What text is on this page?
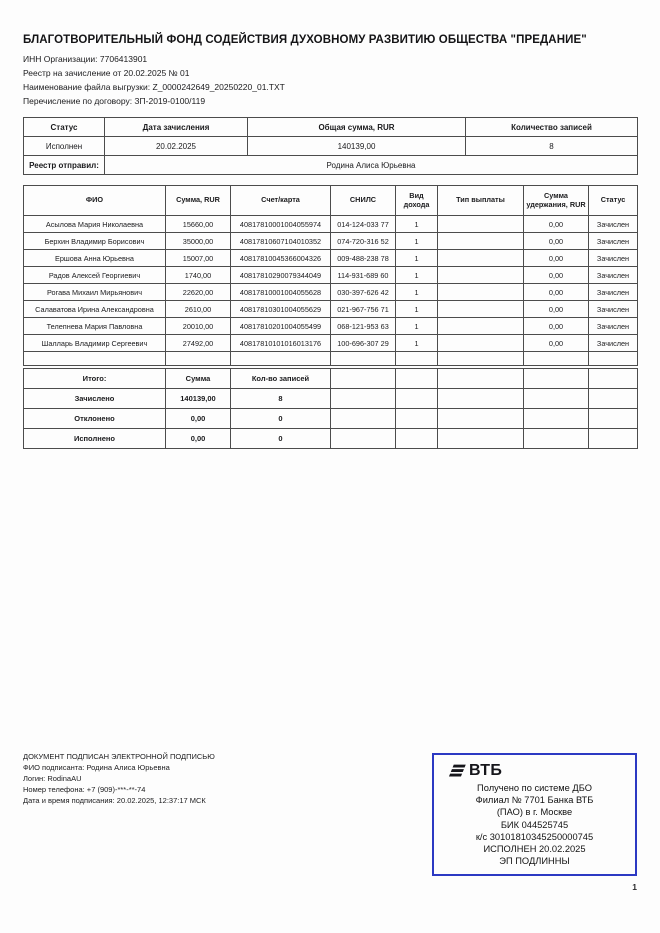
БЛАГОТВОРИТЕЛЬНЫЙ ФОНД СОДЕЙСТВИЯ ДУХОВНОМУ РАЗВИТИЮ ОБЩЕСТВА "ПРЕДАНИЕ"
ИНН Организации: 7706413901
Реестр на зачисление от 20.02.2025 № 01
Наименование файла выгрузки: Z_0000242649_20250220_01.TXT
Перечисление по договору: ЗП-2019-0100/119
Статус	Дата зачисления	Общая сумма, RUR	Количество записей
Исполнен	20.02.2025	140139,00	8
Реестр отправил:	Родина Алиса Юрьевна		
ФИО	Сумма, RUR	Счет/карта	СНИЛС	Вид дохода	Тип выплаты	Сумма удержания, RUR	Статус
Асылова Мария Николаевна	15660,00	40817810001004055974	014-124-033 77	1		0,00	Зачислен
Берхин Владимир Борисович	35000,00	40817810607104010352	074-720-316 52	1		0,00	Зачислен
Ершова Анна Юрьевна	15007,00	40817810045366004326	009-488-238 78	1		0,00	Зачислен
Радов Алексей Георгиевич	1740,00	40817810290079344049	114-931-689 60	1		0,00	Зачислен
Рогава Михаил Мирьянович	22620,00	40817810001004055628	030-397-626 42	1		0,00	Зачислен
Салаватова Ирина Александровна	2610,00	40817810301004055629	021-967-756 71	1		0,00	Зачислен
Телепнева Мария Павловна	20010,00	40817810201004055499	068-121-953 63	1		0,00	Зачислен
Шалларь Владимир Сергеевич	27492,00	40817810101016013176	100-696-307 29	1		0,00	Зачислен

Итого:	Сумма	Кол-во записей					
Зачислено	140139,00	8					
Отклонено	0,00	0					
Исполнено	0,00	0					
ДОКУМЕНТ ПОДПИСАН ЭЛЕКТРОННОЙ ПОДПИСЬЮ
ФИО подписанта: Родина Алиса Юрьевна
Логин: RodinaAU
Номер телефона: +7 (909)-***-**-74
Дата и время подписания: 20.02.2025, 12:37:17 МСК
ВТБ
Получено по системе ДБО
Филиал № 7701 Банка ВТБ
(ПАО) в г. Москве
БИК 044525745
к/с 30101810345250000745
ИСПОЛНЕН 20.02.2025
ЭП ПОДЛИННЫ
1
